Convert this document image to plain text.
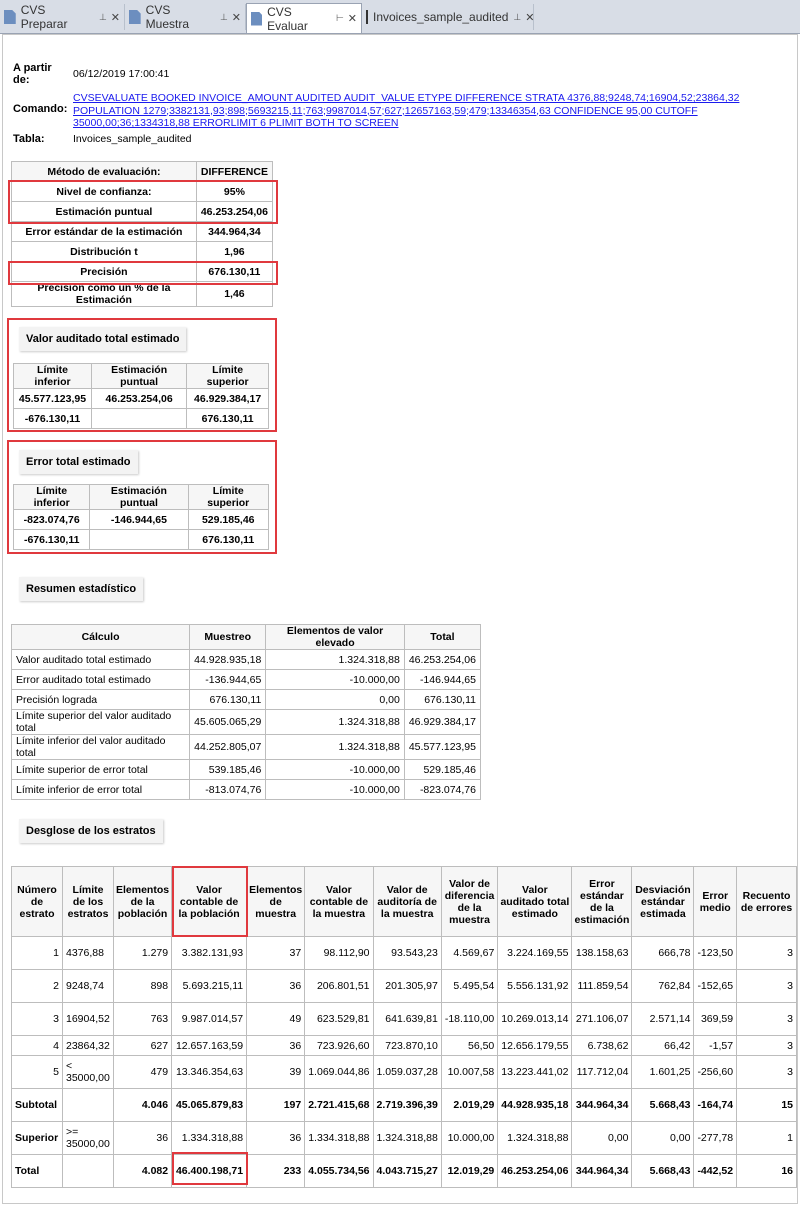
CVS Preparar
⊥ ✕
CVS Muestra
⊥ ✕ CVS Evaluar
⊢ ✕ Invoices_sample_audited ⊥ ✕
A partir de:	06/12/2019 17:00:41
Comando:
CVSEVALUATE BOOKED INVOICE_AMOUNT AUDITED AUDIT_VALUE ETYPE DIFFERENCE STRATA 4376,88;9248,74;16904,52;23864,32 POPULATION 1279;3382131,93;898;5693215,11;763;9987014,57;627;12657163,59;479;13346354,63 CONFIDENCE 95,00 CUTOFF 35000,00;36;1334318,88 ERRORLIMIT 6 PLIMIT BOTH TO SCREEN
Tabla:	Invoices_sample_audited
Método de evaluación:	DIFFERENCE
Nivel de confianza:	95%
Estimación puntual	46.253.254,06
Error estándar de la estimación	344.964,34
Distribución t	1,96
Precisión	676.130,11
Precisión como un % de la Estimación	1,46
Valor auditado total estimado
Límite inferior	Estimación puntual	Límite superior
45.577.123,95	46.253.254,06	46.929.384,17
-676.130,11		676.130,11
Error total estimado
Límite inferior	Estimación puntual	Límite superior
-823.074,76	-146.944,65	529.185,46
-676.130,11		676.130,11
Resumen estadístico
Cálculo	Muestreo	Elementos de valor elevado	Total
Valor auditado total estimado	44.928.935,18	1.324.318,88	46.253.254,06
Error auditado total estimado	-136.944,65	-10.000,00	-146.944,65
Precisión lograda	676.130,11	0,00	676.130,11
Límite superior del valor auditado total	45.605.065,29	1.324.318,88	46.929.384,17
Límite inferior del valor auditado total	44.252.805,07	1.324.318,88	45.577.123,95
Límite superior de error total	539.185,46	-10.000,00	529.185,46
Límite inferior de error total	-813.074,76	-10.000,00	-823.074,76
Desglose de los estratos
Número de estrato	Límite de los estratos	Elementos de la población	Valor contable de la población	Elementos de muestra	Valor contable de la muestra	Valor de auditoría de la muestra	Valor de diferencia de la muestra	Valor auditado total estimado	Error estándar de la estimación	Desviación estándar estimada	Error medio	Recuento de errores
1	4376,88	1.279	3.382.131,93	37	98.112,90	93.543,23	4.569,67	3.224.169,55	138.158,63	666,78	-123,50	3
2	9248,74	898	5.693.215,11	36	206.801,51	201.305,97	5.495,54	5.556.131,92	111.859,54	762,84	-152,65	3
3	16904,52	763	9.987.014,57	49	623.529,81	641.639,81	-18.110,00	10.269.013,14	271.106,07	2.571,14	369,59	3
4	23864,32	627	12.657.163,59	36	723.926,60	723.870,10	56,50	12.656.179,55	6.738,62	66,42	-1,57	3
5	< 35000,00	479	13.346.354,63	39	1.069.044,86	1.059.037,28	10.007,58	13.223.441,02	117.712,04	1.601,25	-256,60	3
Subtotal		4.046	45.065.879,83	197	2.721.415,68	2.719.396,39	2.019,29	44.928.935,18	344.964,34	5.668,43	-164,74	15
Superior	>= 35000,00	36	1.334.318,88	36	1.334.318,88	1.324.318,88	10.000,00	1.324.318,88	0,00	0,00	-277,78	1
Total		4.082	46.400.198,71	233	4.055.734,56	4.043.715,27	12.019,29	46.253.254,06	344.964,34	5.668,43	-442,52	16
